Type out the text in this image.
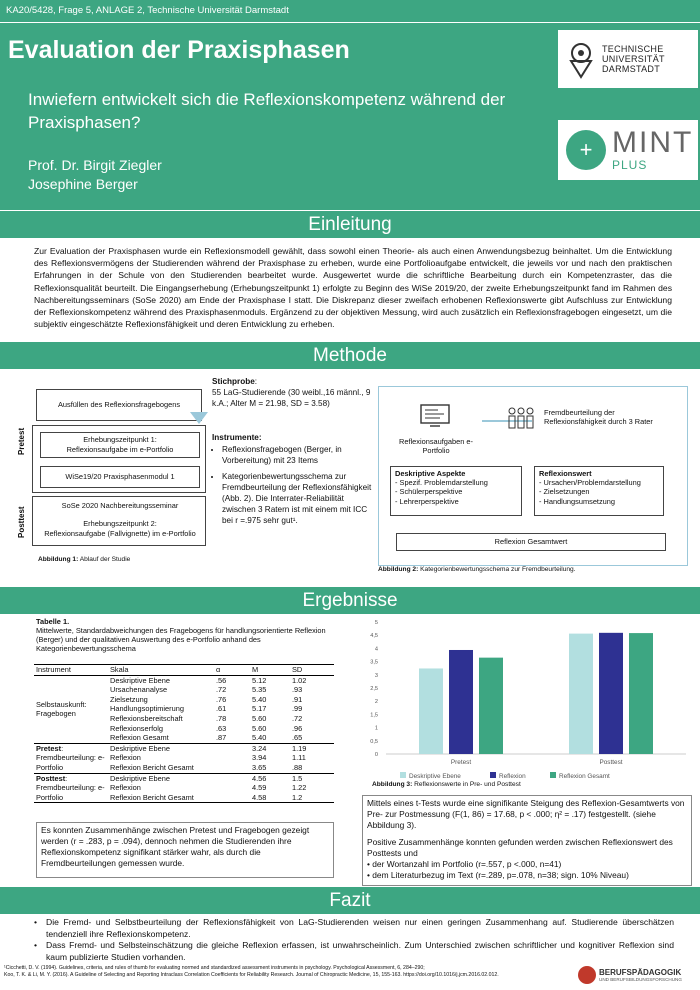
KA20/5428, Frage 5, ANLAGE 2, Technische Universität Darmstadt
Evaluation der Praxisphasen	TECHNISCHE
UNIVERSITÄT
DARMSTADT
Inwiefern entwickelt sich die Reflexionskompetenz während der Praxisphasen?
+ MINT
PLUS
Prof. Dr. Birgit Ziegler
Josephine Berger
Einleitung
Zur Evaluation der Praxisphasen wurde ein Reflexionsmodell gewählt, dass sowohl einen Theorie- als auch einen Anwendungsbezug beinhaltet. Um die Entwicklung des Reflexionsvermögens der Studierenden während der Praxisphase zu erheben, wurde eine Portfolioaufgabe entwickelt, die jeweils vor und nach den praktischen Erfahrungen in der Schule von den Studierenden bearbeitet wurde. Ausgewertet wurde die schriftliche Bearbeitung durch ein Kompetenzraster, das die Reflexionsqualität beurteilt. Die Eingangserhebung (Erhebungszeitpunkt 1) erfolgte zu Beginn des WiSe 2019/20, der zweite Erhebungszeitpunkt fand im Rahmen des Nachbereitungsseminars (SoSe 2020) am Ende der Praxisphase I statt. Die Diskrepanz dieser zweifach erhobenen Reflexionswerte gibt Aufschluss zur Entwicklung der Reflexionskompetenz während des Praxisphasenmoduls. Ergänzend zu der objektiven Messung, wird auch zusätzlich ein Reflexionsfragebogen eingesetzt, um die subjektiv eingeschätzte Reflexionsfähigkeit und deren Entwicklung zu erheben.
Methode
Pretest
Posttest
Ausfüllen des Reflexionsfragebogens
Erhebungszeitpunkt 1:
Reflexionsaufgabe im e-Portfolio
WiSe19/20 Praxisphasenmodul 1
SoSe 2020 Nachbereitungsseminar
Erhebungszeitpunkt 2:
Reflexionsaufgabe (Fallvignette) im e-Portfolio
Abbildung 1: Ablauf der Studie
Stichprobe:
55 LaG-Studierende (30 weibl.,16 männl., 9 k.A.; Alter M = 21.98, SD = 3.58)
Instrumente:
• Reflexionsfragebogen (Berger, in Vorbereitung) mit 23 Items
• Kategorienbewertungsschema zur Fremdbeurteilung der Reflexionsfähigkeit (Abb. 2). Die Interrater-Reliabilität zwischen 3 Ratern ist mit einem mit ICC bei r =.975 sehr gut¹.
Reflexionsaufgaben e-Portfolio
Fremdbeurteilung der Reflexionsfähigkeit durch 3 Rater
Deskriptive Aspekte
- Spezif. Problemdarstellung
- Schülerperspektive
- Lehrerperspektive
Reflexionswert
- Ursachen/Problemdarstellung
- Zielsetzungen
- Handlungsumsetzung
Reflexion Gesamtwert
Abbildung 2: Kategorienbewertungsschema zur Fremdbeurteilung.
Ergebnisse
Tabelle 1.
Mittelwerte, Standardabweichungen des Fragebogens für handlungsorientierte Reflexion (Berger) und der qualitativen Auswertung des e-Portfolio anhand des Kategorienbewertungsschema
Instrument	Skala	α	M	SD
Selbstauskunft: Fragebogen	Deskriptive Ebene	.56	5.12	1.02
	Ursachenanalyse	.72	5.35	.93
	Zielsetzung	.76	5.40	.91
	Handlungsoptimierung	.61	5.17	.99
	Reflexionsbereitschaft	.78	5.60	.72
	Reflexionserfolg	.63	5.60	.96
	Reflexion Gesamt	.87	5.40	.65
Pretest: Fremdbeurteilung: e-Portfolio	Deskriptive Ebene		3.24	1.19
	Reflexion		3.94	1.11
	Reflexion Bericht Gesamt		3.65	.88
Posttest: Fremdbeurteilung: e-Portfolio	Deskriptive Ebene		4.56	1.5
	Reflexion		4.59	1.22
	Reflexion Bericht Gesamt		4.58	1.2
Es konnten Zusammenhänge zwischen Pretest und Fragebogen gezeigt werden (r = .283, p = .094), dennoch nehmen die Studierenden ihre Reflexionskompetenz signifikant stärker wahr, als durch die Fremdbeurteilungen gemessen wurde.
0
0,5
1
1,5
2
2,5
3
3,5
4
4,5
5
Pretest	Posttest
Deskriptive Ebene	Reflexion	Reflexion Gesamt
Abbildung 3: Reflexionswerte in Pre- und Posttest
Mittels eines t-Tests wurde eine signifikante Steigung des Reflexion-Gesamtwerts von Pre- zur Postmessung (F(1, 86) = 17.68, p < .000; η² = .17) festgestellt. (siehe Abbildung 3).
Positive Zusammenhänge konnten gefunden werden zwischen Reflexionswert des Posttests und
• der Wortanzahl im Portfolio (r=.557, p <.000, n=41)
• dem Literaturbezug im Text (r=.289, p=.078, n=38; sign. 10% Niveau)
Fazit
•	Die Fremd- und Selbstbeurteilung der Reflexionsfähigkeit von LaG-Studierenden weisen nur einen geringen Zusammenhang auf. Studierende überschätzen tendenziell ihre Reflexionskompetenz.
•	Dass Fremd- und Selbsteinschätzung die gleiche Reflexion erfassen, ist unwahrscheinlich. Zum Unterschied zwischen schriftlicher und kognitiver Reflexion sind kaum publizierte Studien vorhanden.
¹Cicchetti, D. V. (1994). Guidelines, criteria, and rules of thumb for evaluating normed and standardized assessment instruments in psychology. Psychological Assessment, 6, 284–290;
Koo, T. K. & Li, M. Y. (2016). A Guideline of Selecting and Reporting Intraclass Correlation Coefficients for Reliability Research. Journal of Chiropractic Medicine, 15, 155-163. https://doi.org/10.1016/j.jcm.2016.02.012.	BERUFSPÄDAGOGIK
UND BERUFSBILDUNGSFORSCHUNG
